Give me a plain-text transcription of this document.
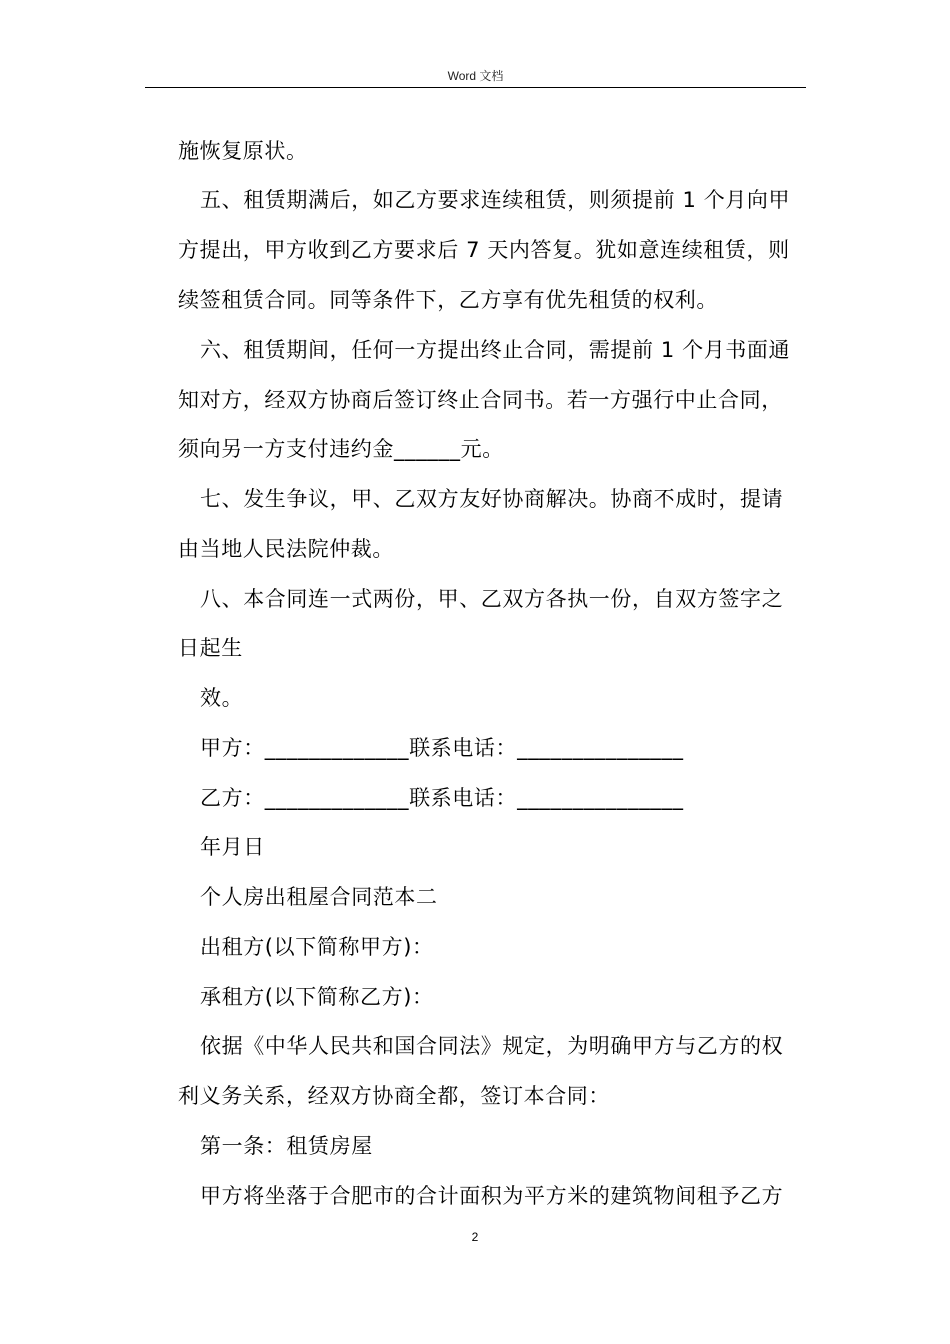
Word 文档
施恢复原状。
五、租赁期满后，如乙方要求连续租赁，则须提前 1 个月向甲
方提出，甲方收到乙方要求后 7 天内答复。犹如意连续租赁，则
续签租赁合同。同等条件下，乙方享有优先租赁的权利。
六、租赁期间，任何一方提出终止合同，需提前 1 个月书面通
知对方，经双方协商后签订终止合同书。若一方强行中止合同，
须向另一方支付违约金______元。
七、发生争议，甲、乙双方友好协商解决。协商不成时，提请
由当地人民法院仲裁。
八、本合同连一式两份，甲、乙双方各执一份，自双方签字之
日起生
效。
甲方：_____________联系电话：_______________
乙方：_____________联系电话：_______________
年月日
个人房出租屋合同范本二
出租方(以下简称甲方)：
承租方(以下简称乙方)：
依据《中华人民共和国合同法》规定，为明确甲方与乙方的权
利义务关系，经双方协商全都，签订本合同：
第一条：租赁房屋
甲方将坐落于合肥市的合计面积为平方米的建筑物间租予乙方
2
